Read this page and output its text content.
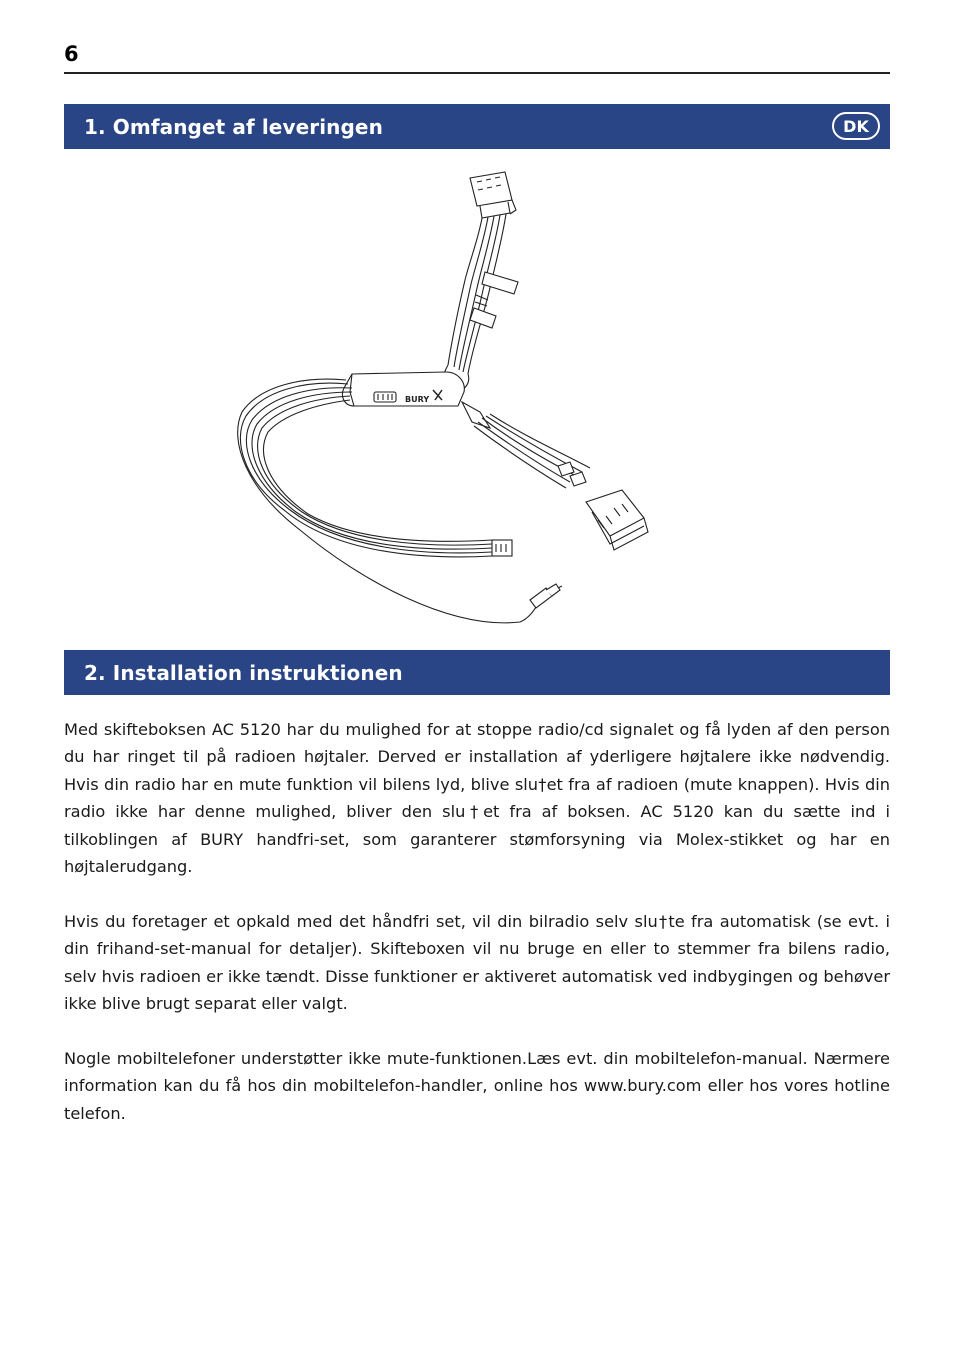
6
1. Omfanget af leveringen	DK
BURY
2. Installation instruktionen

Med skifteboksen AC 5120 har du mulighed for at stoppe radio/cd signalet og få lyden af den person du har ringet til på radioen højtaler. Derved er installation af yderligere højtalere ikke nødvendig. Hvis din radio har en mute funktion vil bilens lyd, blive slu†et fra af radioen (mute knappen). Hvis din radio ikke har denne mulighed, bliver den slu†et fra af boksen. AC 5120 kan du sætte ind i tilkoblingen af BURY handfri-set, som garanterer stømforsyning via Molex-stikket og har en højtalerudgang.

Hvis du foretager et opkald med det håndfri set, vil din bilradio selv slu†te fra automatisk (se evt. i din frihand-set-manual for detaljer). Skifteboxen vil nu bruge en eller to stemmer fra bilens radio, selv hvis radioen er ikke tændt. Disse funktioner er aktiveret automatisk ved indbygingen og behøver ikke blive brugt separat eller valgt.

Nogle mobiltelefoner understøtter ikke mute-funktionen.Læs evt. din mobiltelefon-manual. Nærmere information kan du få hos din mobiltelefon-handler, online hos www.bury.com eller hos vores hotline telefon.
